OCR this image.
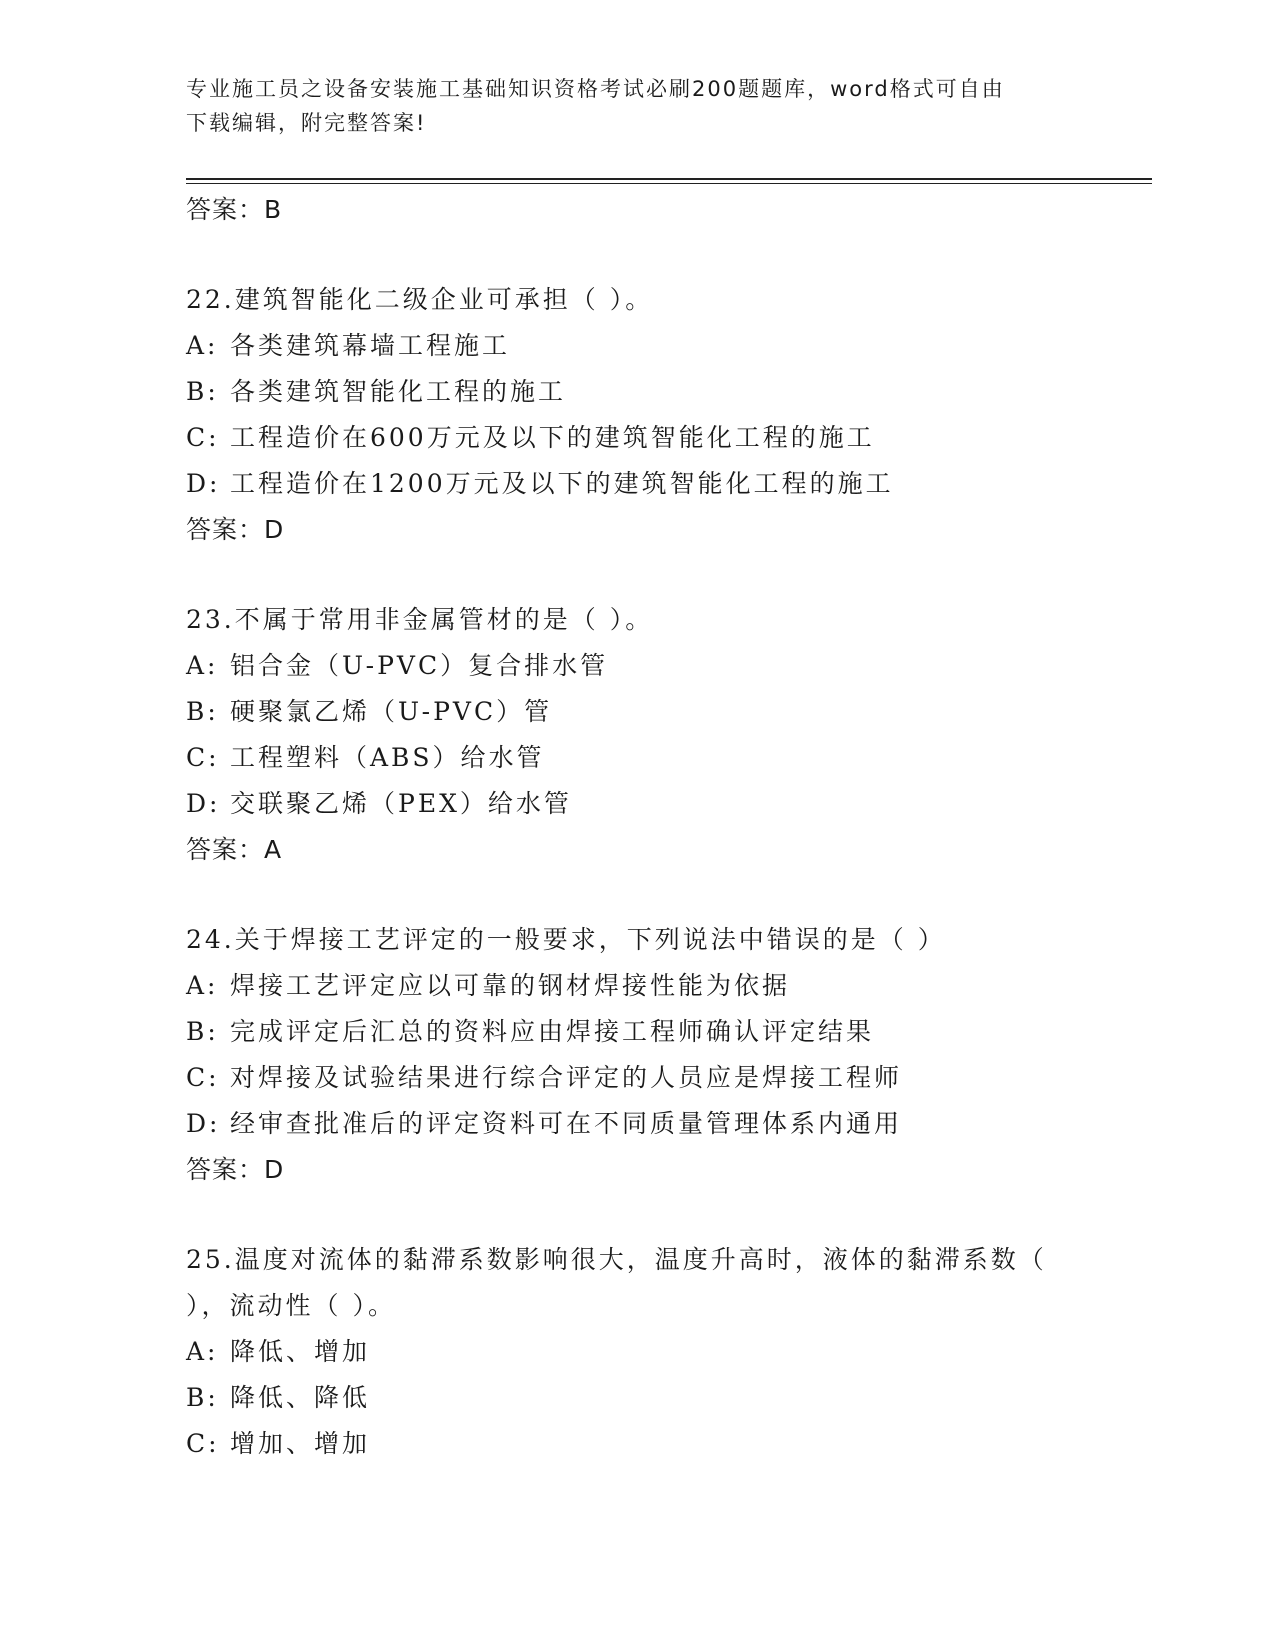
专业施工员之设备安装施工基础知识资格考试必刷200题题库，word格式可自由
下载编辑，附完整答案!

答案：B

22.建筑智能化二级企业可承担（ ）。

A: 各类建筑幕墙工程施工

B: 各类建筑智能化工程的施工

C: 工程造价在600万元及以下的建筑智能化工程的施工

D: 工程造价在1200万元及以下的建筑智能化工程的施工

答案：D

23.不属于常用非金属管材的是（ ）。

A: 铝合金（U-PVC）复合排水管

B: 硬聚氯乙烯（U-PVC）管

C: 工程塑料（ABS）给水管

D: 交联聚乙烯（PEX）给水管

答案：A

24.关于焊接工艺评定的一般要求，下列说法中错误的是（ ）

A: 焊接工艺评定应以可靠的钢材焊接性能为依据

B: 完成评定后汇总的资料应由焊接工程师确认评定结果

C: 对焊接及试验结果进行综合评定的人员应是焊接工程师

D: 经审查批准后的评定资料可在不同质量管理体系内通用

答案：D

25.温度对流体的黏滞系数影响很大，温度升高时，液体的黏滞系数（

），流动性（ ）。

A: 降低、增加

B: 降低、降低

C: 增加、增加
